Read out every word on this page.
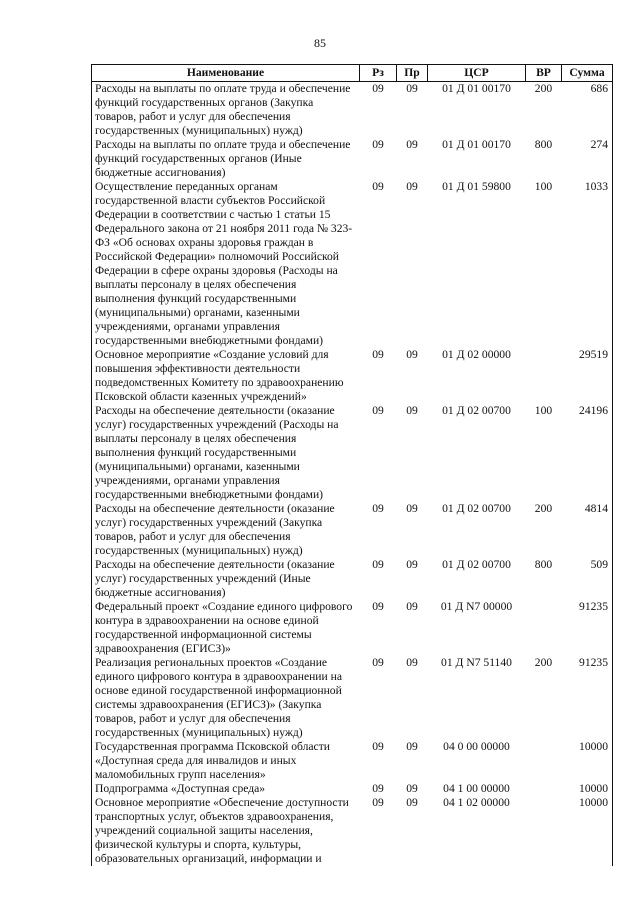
85
Наименование	Рз	Пр	ЦСР	ВР	Сумма
Расходы на выплаты по оплате труда и обеспечение функций государственных органов (Закупка товаров, работ и услуг для обеспечения государственных (муниципальных) нужд)	09	09	01 Д 01 00170	200	686
Расходы на выплаты по оплате труда и обеспечение функций государственных органов (Иные бюджетные ассигнования)	09	09	01 Д 01 00170	800	274
Осуществление переданных органам государственной власти субъектов Российской Федерации в соответствии с частью 1 статьи 15 Федерального закона от 21 ноября 2011 года № 323-ФЗ «Об основах охраны здоровья граждан в Российской Федерации» полномочий Российской Федерации в сфере охраны здоровья (Расходы на выплаты персоналу в целях обеспечения выполнения функций государственными (муниципальными) органами, казенными учреждениями, органами управления государственными внебюджетными фондами)	09	09	01 Д 01 59800	100	1033
Основное мероприятие «Создание условий для повышения эффективности деятельности подведомственных Комитету по здравоохранению Псковской области казенных учреждений»	09	09	01 Д 02 00000		29519
Расходы на обеспечение деятельности (оказание услуг) государственных учреждений (Расходы на выплаты персоналу в целях обеспечения выполнения функций государственными (муниципальными) органами, казенными учреждениями, органами управления государственными внебюджетными фондами)	09	09	01 Д 02 00700	100	24196
Расходы на обеспечение деятельности (оказание услуг) государственных учреждений (Закупка товаров, работ и услуг для обеспечения государственных (муниципальных) нужд)	09	09	01 Д 02 00700	200	4814
Расходы на обеспечение деятельности (оказание услуг) государственных учреждений (Иные бюджетные ассигнования)	09	09	01 Д 02 00700	800	509
Федеральный проект «Создание единого цифрового контура в здравоохранении на основе единой государственной информационной системы здравоохранения (ЕГИСЗ)»	09	09	01 Д N7 00000		91235
Реализация региональных проектов «Создание единого цифрового контура в здравоохранении на основе единой государственной информационной системы здравоохранения (ЕГИСЗ)» (Закупка товаров, работ и услуг для обеспечения государственных (муниципальных) нужд)	09	09	01 Д N7 51140	200	91235
Государственная программа Псковской области «Доступная среда для инвалидов и иных маломобильных групп населения»	09	09	04 0 00 00000		10000
Подпрограмма «Доступная среда»	09	09	04 1 00 00000		10000
Основное мероприятие «Обеспечение доступности транспортных услуг, объектов здравоохранения, учреждений социальной защиты населения, физической культуры и спорта, культуры, образовательных организаций, информации и	09	09	04 1 02 00000		10000
